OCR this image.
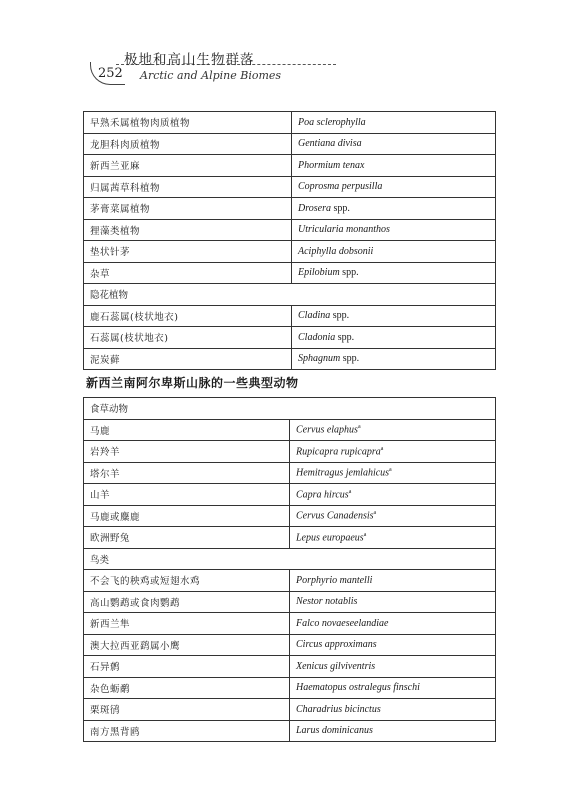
252
极地和高山生物群落
Arctic and Alpine Biomes
早熟禾属植物肉质植物	Poa sclerophylla
龙胆科肉质植物	Gentiana divisa
新西兰亚麻	Phormium tenax
归属茜草科植物	Coprosma perpusilla
茅膏菜属植物	Drosera spp.
狸藻类植物	Utricularia monanthos
垫状针茅	Aciphylla dobsonii
杂草	Epilobium spp.
隐花植物	
鹿石蕊属(枝状地衣)	Cladina spp.
石蕊属(枝状地衣)	Cladonia spp.
泥炭藓	Sphagnum spp.
新西兰南阿尔卑斯山脉的一些典型动物
食草动物	
马鹿	Cervus elaphus$^a$
岩羚羊	Rupicapra rupicapra$^a$
塔尔羊	Hemitragus jemlahicus$^a$
山羊	Capra hircus$^a$
马鹿或麋鹿	Cervus Canadensis$^a$
欧洲野兔	Lepus europaeus$^a$
鸟类	
不会飞的秧鸡或短翅水鸡	Porphyrio mantelli
高山鹦鹉或食肉鹦鹉	Nestor notablis
新西兰隼	Falco novaeseelandiae
澳大拉西亚鹞属小鹰	Circus approximans
石异鹩	Xenicus gilviventris
杂色蛎鹬	Haematopus ostralegus finschi
栗斑鸻	Charadrius bicinctus
南方黑背鸥	Larus dominicanus
